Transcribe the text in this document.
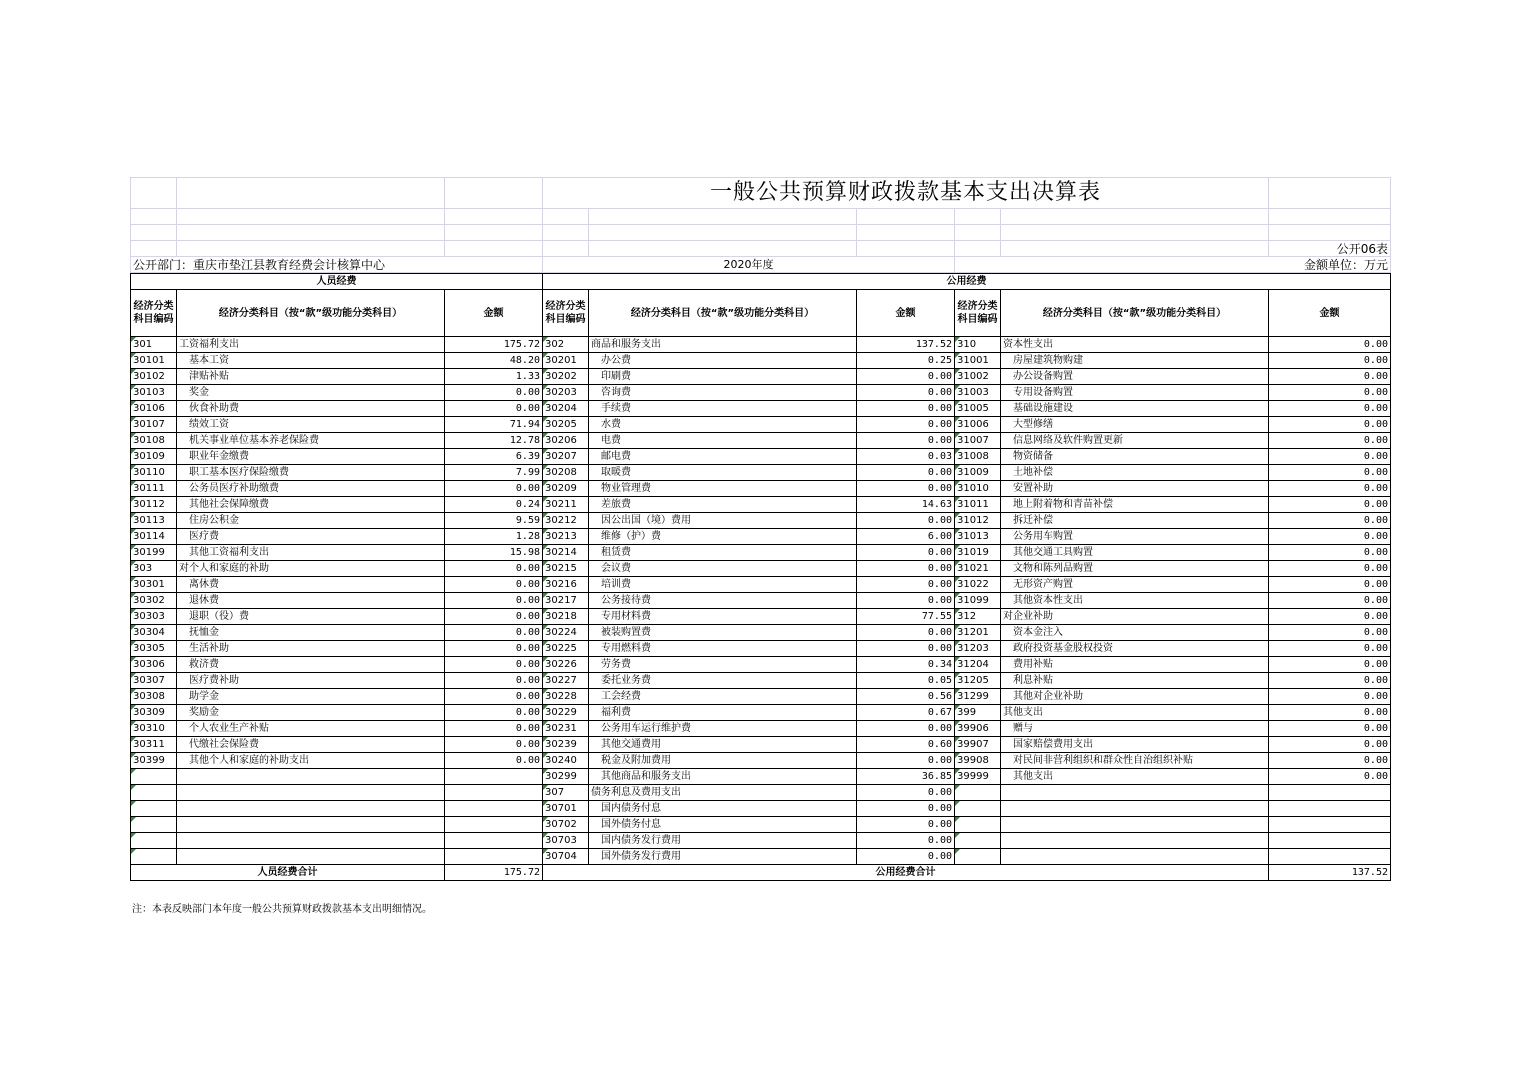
			一般公共预算财政拨款基本支出决算表					

								公开06表
公开部门：重庆市垫江县教育经费会计核算中心			2020年度			金额单位：万元		
人员经费			公用经费					
经济分类科目编码	经济分类科目（按“款”级功能分类科目）	金额	经济分类科目编码	经济分类科目（按“款”级功能分类科目）	金额	经济分类科目编码	经济分类科目（按“款”级功能分类科目）	金额
301	工资福利支出	175.72	302	商品和服务支出	137.52	310	资本性支出	0.00
30101	基本工资	48.20	30201	办公费	0.25	31001	房屋建筑物购建	0.00
30102	津贴补贴	1.33	30202	印刷费	0.00	31002	办公设备购置	0.00
30103	奖金	0.00	30203	咨询费	0.00	31003	专用设备购置	0.00
30106	伙食补助费	0.00	30204	手续费	0.00	31005	基础设施建设	0.00
30107	绩效工资	71.94	30205	水费	0.00	31006	大型修缮	0.00
30108	机关事业单位基本养老保险费	12.78	30206	电费	0.00	31007	信息网络及软件购置更新	0.00
30109	职业年金缴费	6.39	30207	邮电费	0.03	31008	物资储备	0.00
30110	职工基本医疗保险缴费	7.99	30208	取暖费	0.00	31009	土地补偿	0.00
30111	公务员医疗补助缴费	0.00	30209	物业管理费	0.00	31010	安置补助	0.00
30112	其他社会保障缴费	0.24	30211	差旅费	14.63	31011	地上附着物和青苗补偿	0.00
30113	住房公积金	9.59	30212	因公出国（境）费用	0.00	31012	拆迁补偿	0.00
30114	医疗费	1.28	30213	维修（护）费	6.00	31013	公务用车购置	0.00
30199	其他工资福利支出	15.98	30214	租赁费	0.00	31019	其他交通工具购置	0.00
303	对个人和家庭的补助	0.00	30215	会议费	0.00	31021	文物和陈列品购置	0.00
30301	离休费	0.00	30216	培训费	0.00	31022	无形资产购置	0.00
30302	退休费	0.00	30217	公务接待费	0.00	31099	其他资本性支出	0.00
30303	退职（役）费	0.00	30218	专用材料费	77.55	312	对企业补助	0.00
30304	抚恤金	0.00	30224	被装购置费	0.00	31201	资本金注入	0.00
30305	生活补助	0.00	30225	专用燃料费	0.00	31203	政府投资基金股权投资	0.00
30306	救济费	0.00	30226	劳务费	0.34	31204	费用补贴	0.00
30307	医疗费补助	0.00	30227	委托业务费	0.05	31205	利息补贴	0.00
30308	助学金	0.00	30228	工会经费	0.56	31299	其他对企业补助	0.00
30309	奖励金	0.00	30229	福利费	0.67	399	其他支出	0.00
30310	个人农业生产补贴	0.00	30231	公务用车运行维护费	0.00	39906	赠与	0.00
30311	代缴社会保险费	0.00	30239	其他交通费用	0.60	39907	国家赔偿费用支出	0.00
30399	其他个人和家庭的补助支出	0.00	30240	税金及附加费用	0.00	39908	对民间非营利组织和群众性自治组织补贴	0.00
			30299	其他商品和服务支出	36.85	39999	其他支出	0.00
			307	债务利息及费用支出	0.00			
			30701	国内债务付息	0.00			
			30702	国外债务付息	0.00			
			30703	国内债务发行费用	0.00			
			30704	国外债务发行费用	0.00			
人员经费合计		175.72	公用经费合计					137.52
注：本表反映部门本年度一般公共预算财政拨款基本支出明细情况。
